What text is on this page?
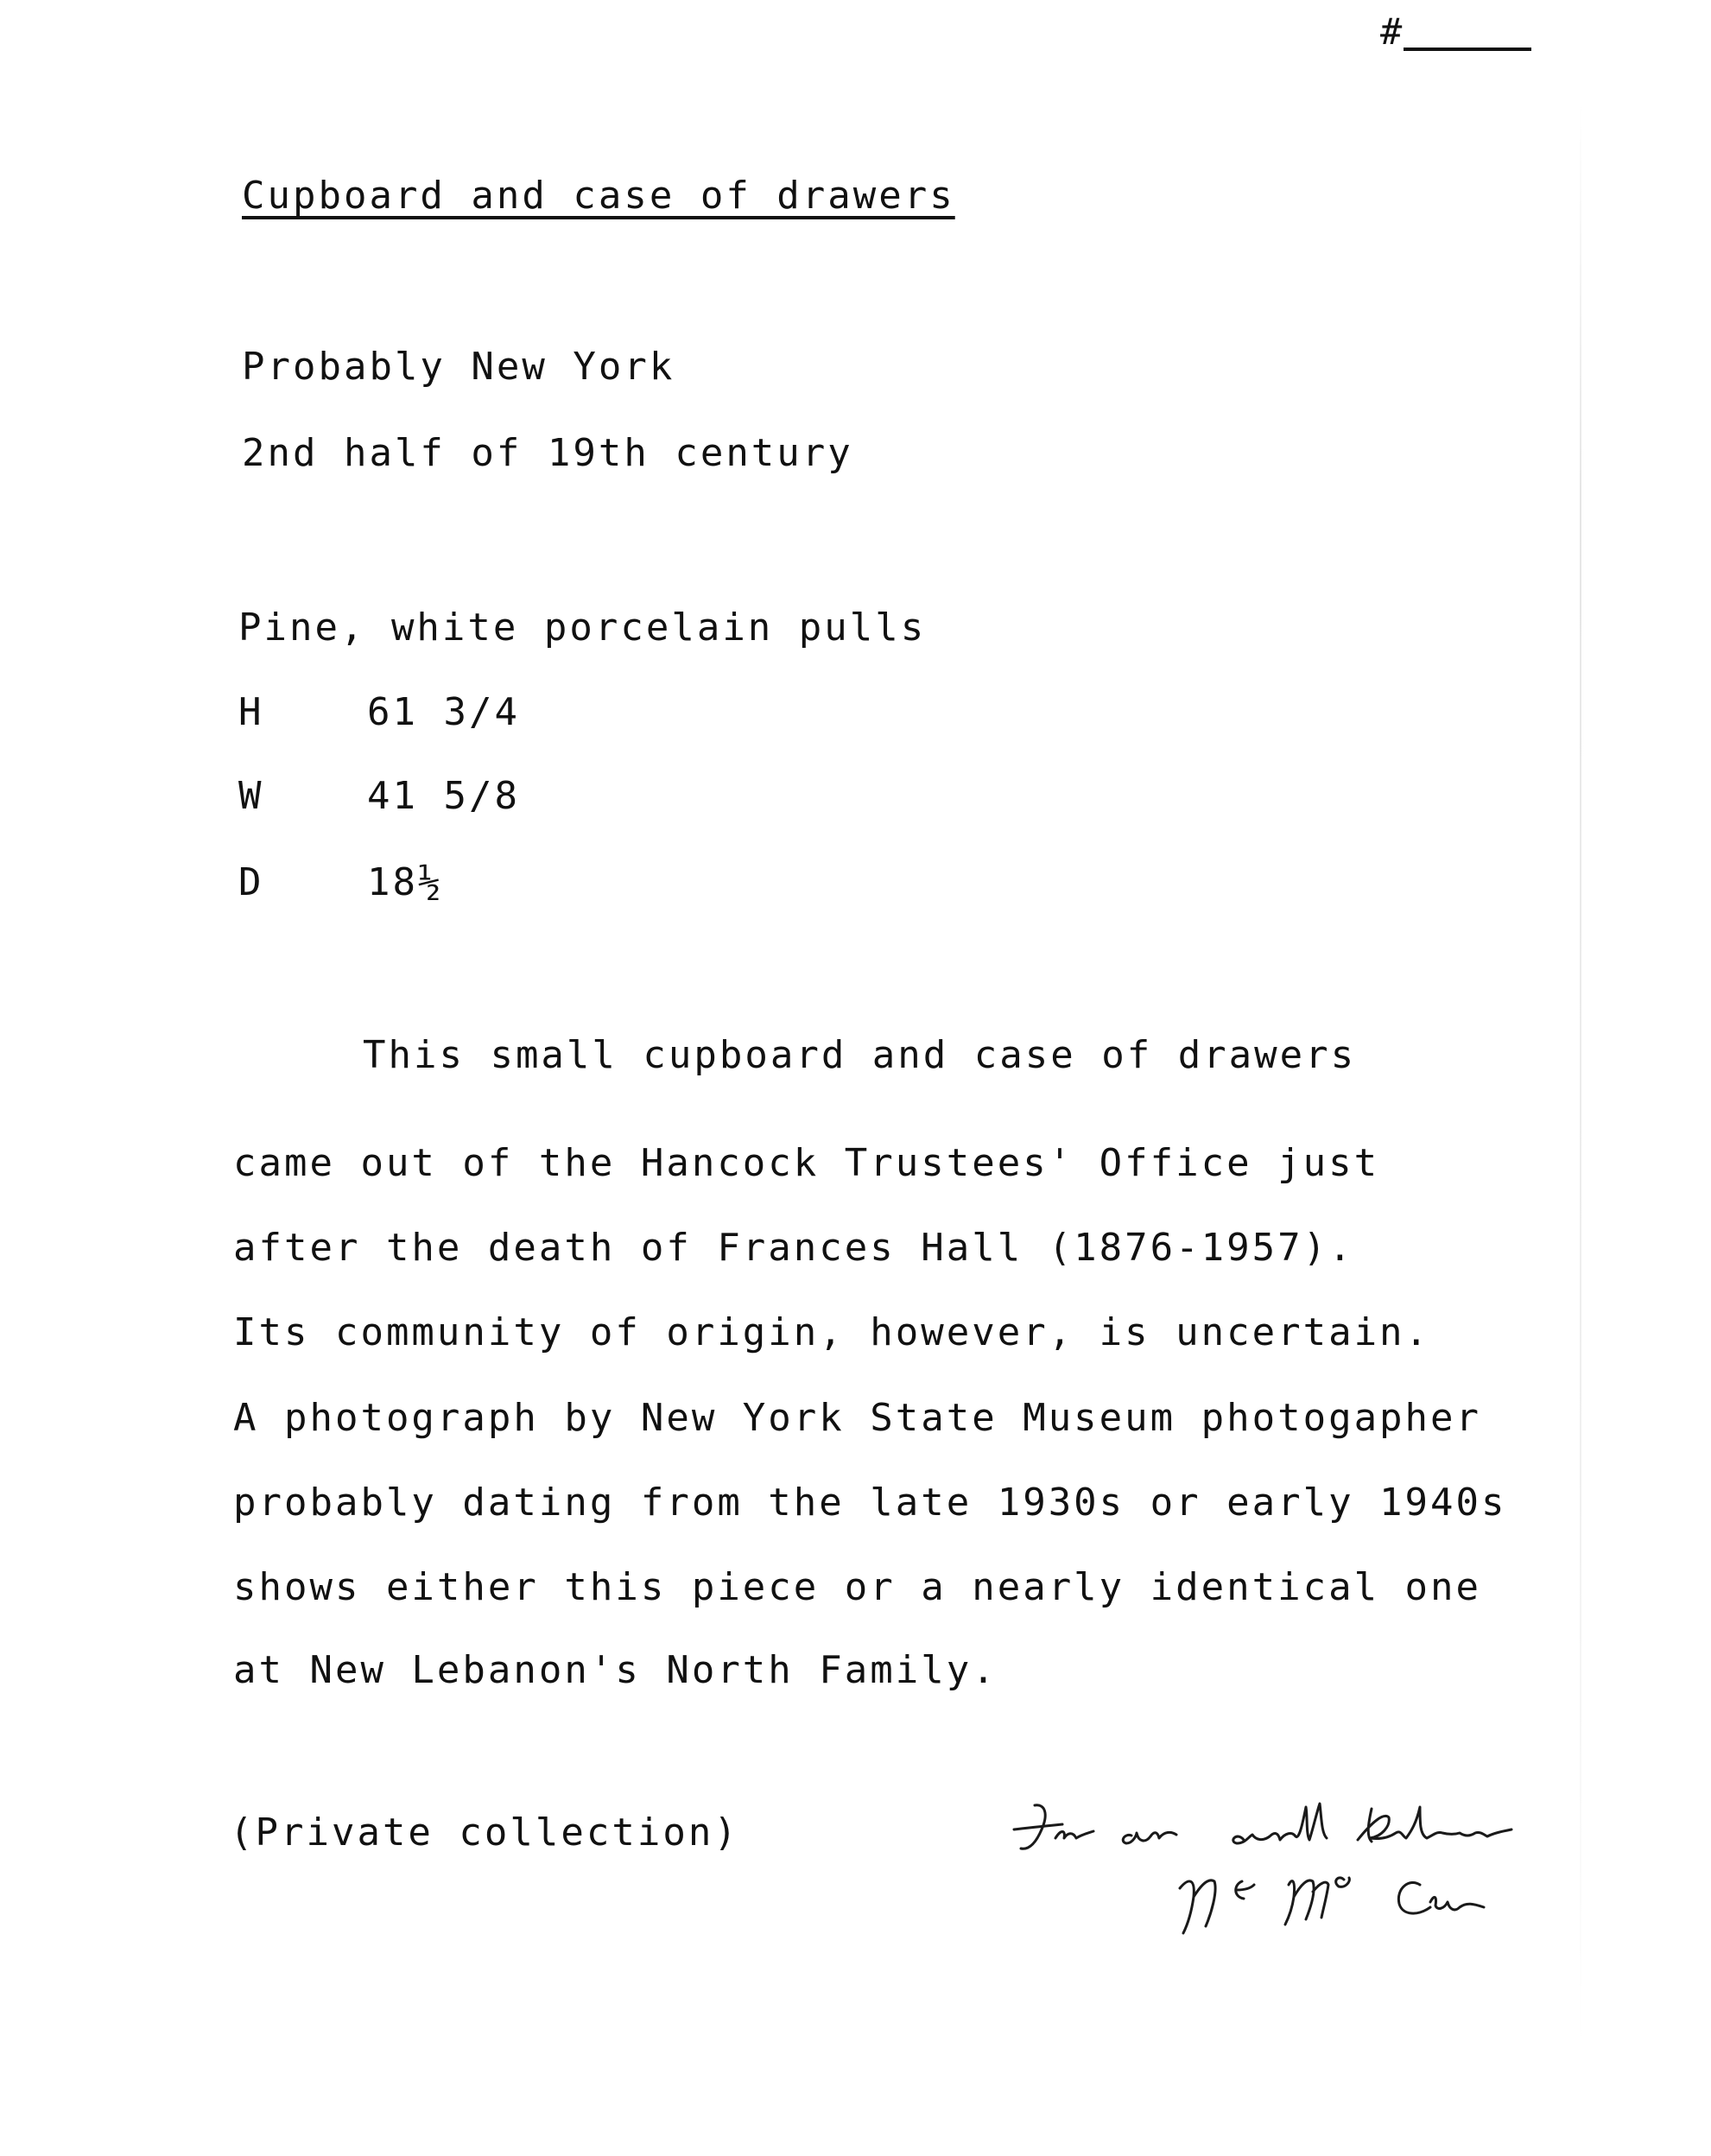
#
Cupboard and case of drawers
Probably New York
2nd half of 19th century
Pine, white porcelain pulls
H	61 3/4
W	41 5/8
D	18½
This small cupboard and case of drawers
came out of the Hancock Trustees' Office just
after the death of Frances Hall (1876-1957).
Its community of origin, however, is uncertain.
A photograph by New York State Museum photogapher
probably dating from the late 1930s or early 1940s
shows either this piece or a nearly identical one
at New Lebanon's North Family.
(Private collection)
